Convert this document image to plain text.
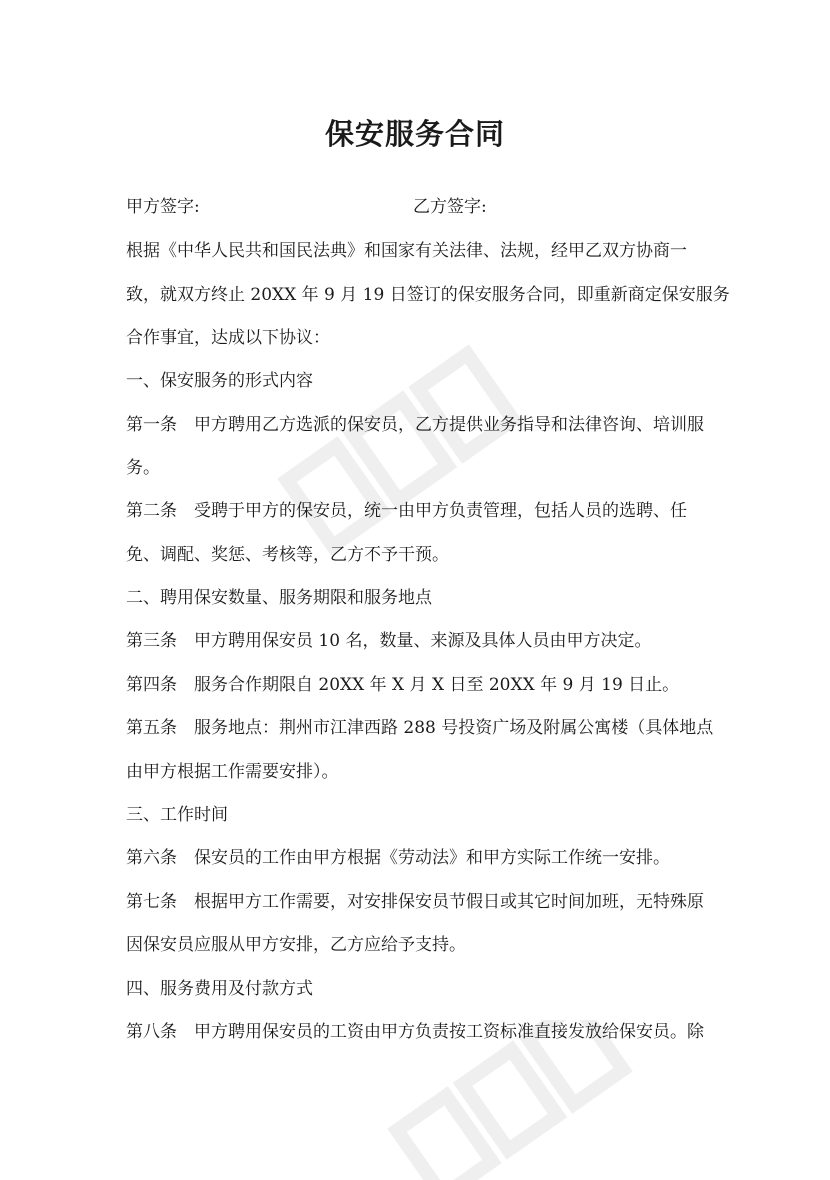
保安服务合同
甲方签字:	乙方签字:

根据《中华人民共和国民法典》和国家有关法律、法规，经甲乙双方协商一

致，就双方终止 20XX 年 9 月 19 日签订的保安服务合同，即重新商定保安服务

合作事宜，达成以下协议：

一、保安服务的形式内容

第一条　甲方聘用乙方选派的保安员，乙方提供业务指导和法律咨询、培训服

务。

第二条　受聘于甲方的保安员，统一由甲方负责管理，包括人员的选聘、任

免、调配、奖惩、考核等，乙方不予干预。

二、聘用保安数量、服务期限和服务地点

第三条　甲方聘用保安员 10 名，数量、来源及具体人员由甲方决定。

第四条　服务合作期限自 20XX 年 X 月 X 日至 20XX 年 9 月 19 日止。

第五条　服务地点：荆州市江津西路 288 号投资广场及附属公寓楼（具体地点

由甲方根据工作需要安排）。

三、工作时间

第六条　保安员的工作由甲方根据《劳动法》和甲方实际工作统一安排。

第七条　根据甲方工作需要，对安排保安员节假日或其它时间加班，无特殊原

因保安员应服从甲方安排，乙方应给予支持。

四、服务费用及付款方式

第八条　甲方聘用保安员的工资由甲方负责按工资标准直接发放给保安员。除
